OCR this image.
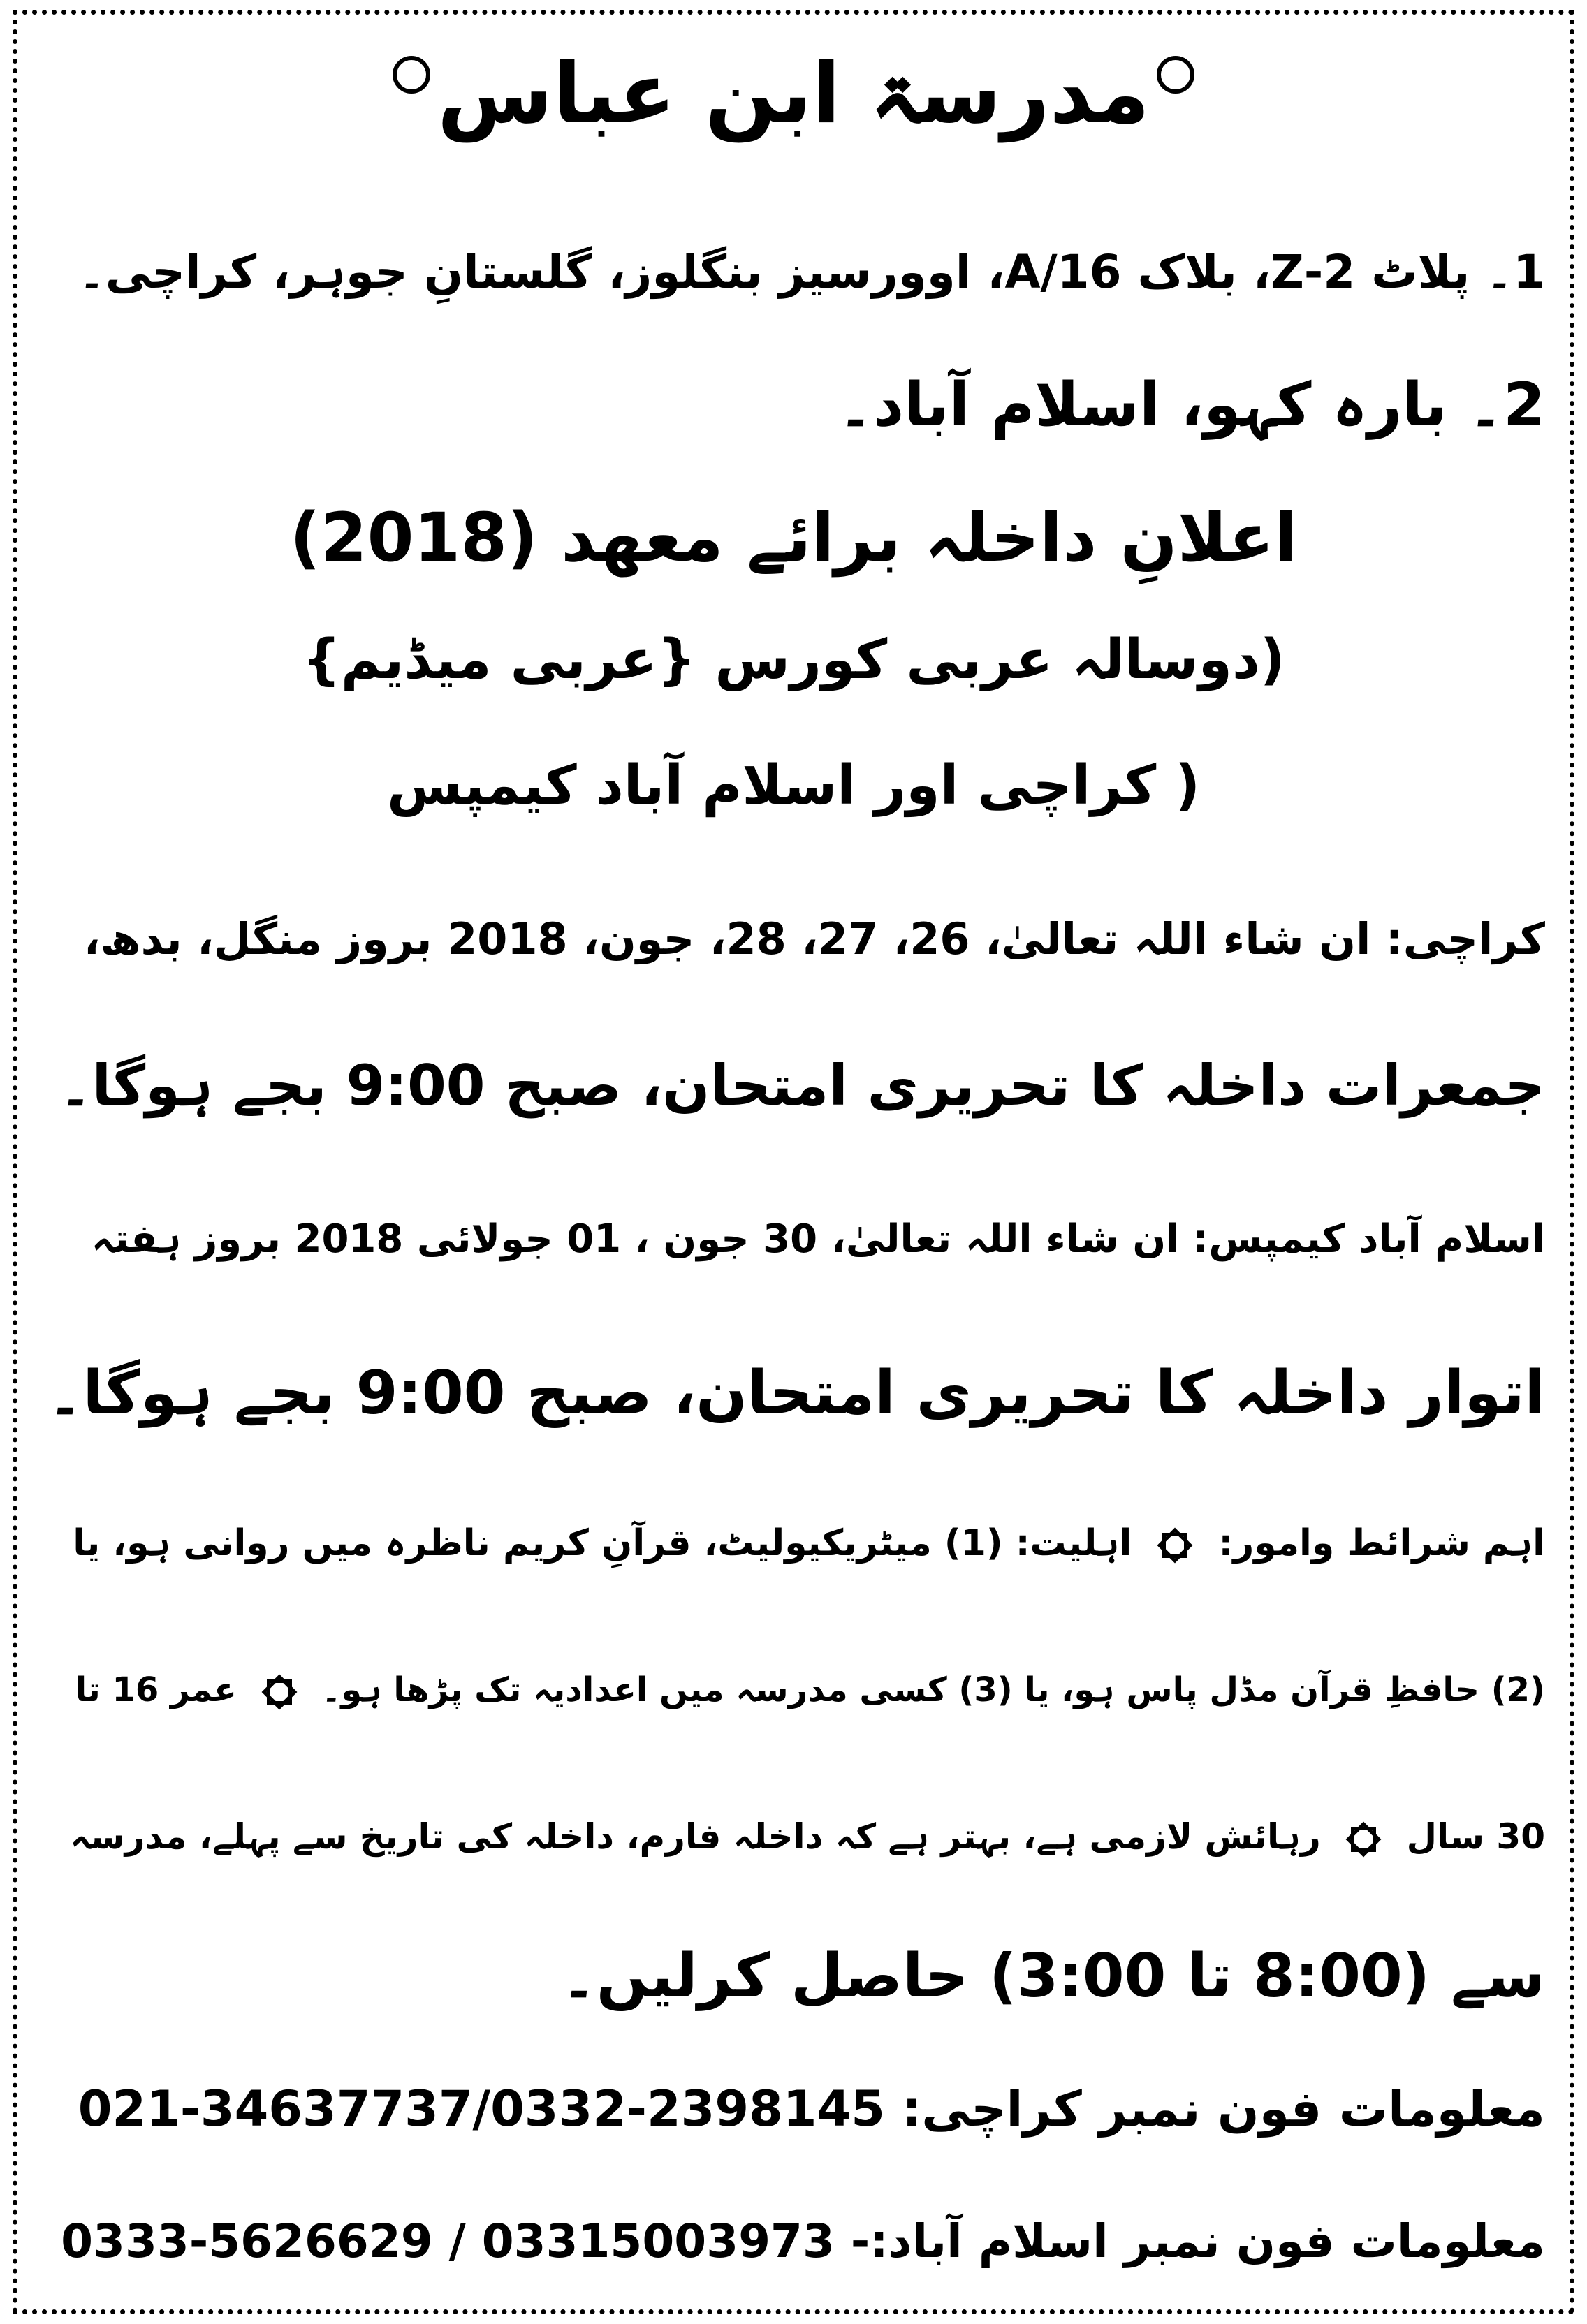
مدرسۃ ابن عباس
1۔ پلاٹ 2-Z، بلاک 16/A، اوورسیز بنگلوز، گلستانِ جوہر، کراچی۔
2۔ بارہ کہو، اسلام آباد۔
اعلانِ داخلہ برائے معھد (2018)
(دوسالہ عربی کورس {عربی میڈیم}
( کراچی اور اسلام آباد کیمپس
کراچی: ان شاء اللہ تعالیٰ، 26، 27، 28، جون، 2018 بروز منگل، بدھ،
جمعرات داخلہ کا تحریری امتحان، صبح 9:00 بجے ہوگا۔
اسلام آباد کیمپس: ان شاء اللہ تعالیٰ، 30 جون ، 01 جولائی 2018 بروز ہفتہ
اتوار داخلہ کا تحریری امتحان، صبح 9:00 بجے ہوگا۔
اہم شرائط وامور:  اہلیت: (1) میٹریکیولیٹ، قرآنِ کریم ناظرہ میں روانی ہو، یا
(2) حافظِ قرآن مڈل پاس ہو، یا (3) کسی مدرسہ میں اعدادیہ تک پڑھا ہو۔  عمر 16 تا
30 سال  رہائش لازمی ہے، بہتر ہے کہ داخلہ فارم، داخلہ کی تاریخ سے پہلے، مدرسہ
سے (8:00 تا 3:00) حاصل کرلیں۔
معلومات فون نمبر کراچی: 021-34637737/0332-2398145
معلومات فون نمبر اسلام آباد:- 0333-5626629 / 03315003973
